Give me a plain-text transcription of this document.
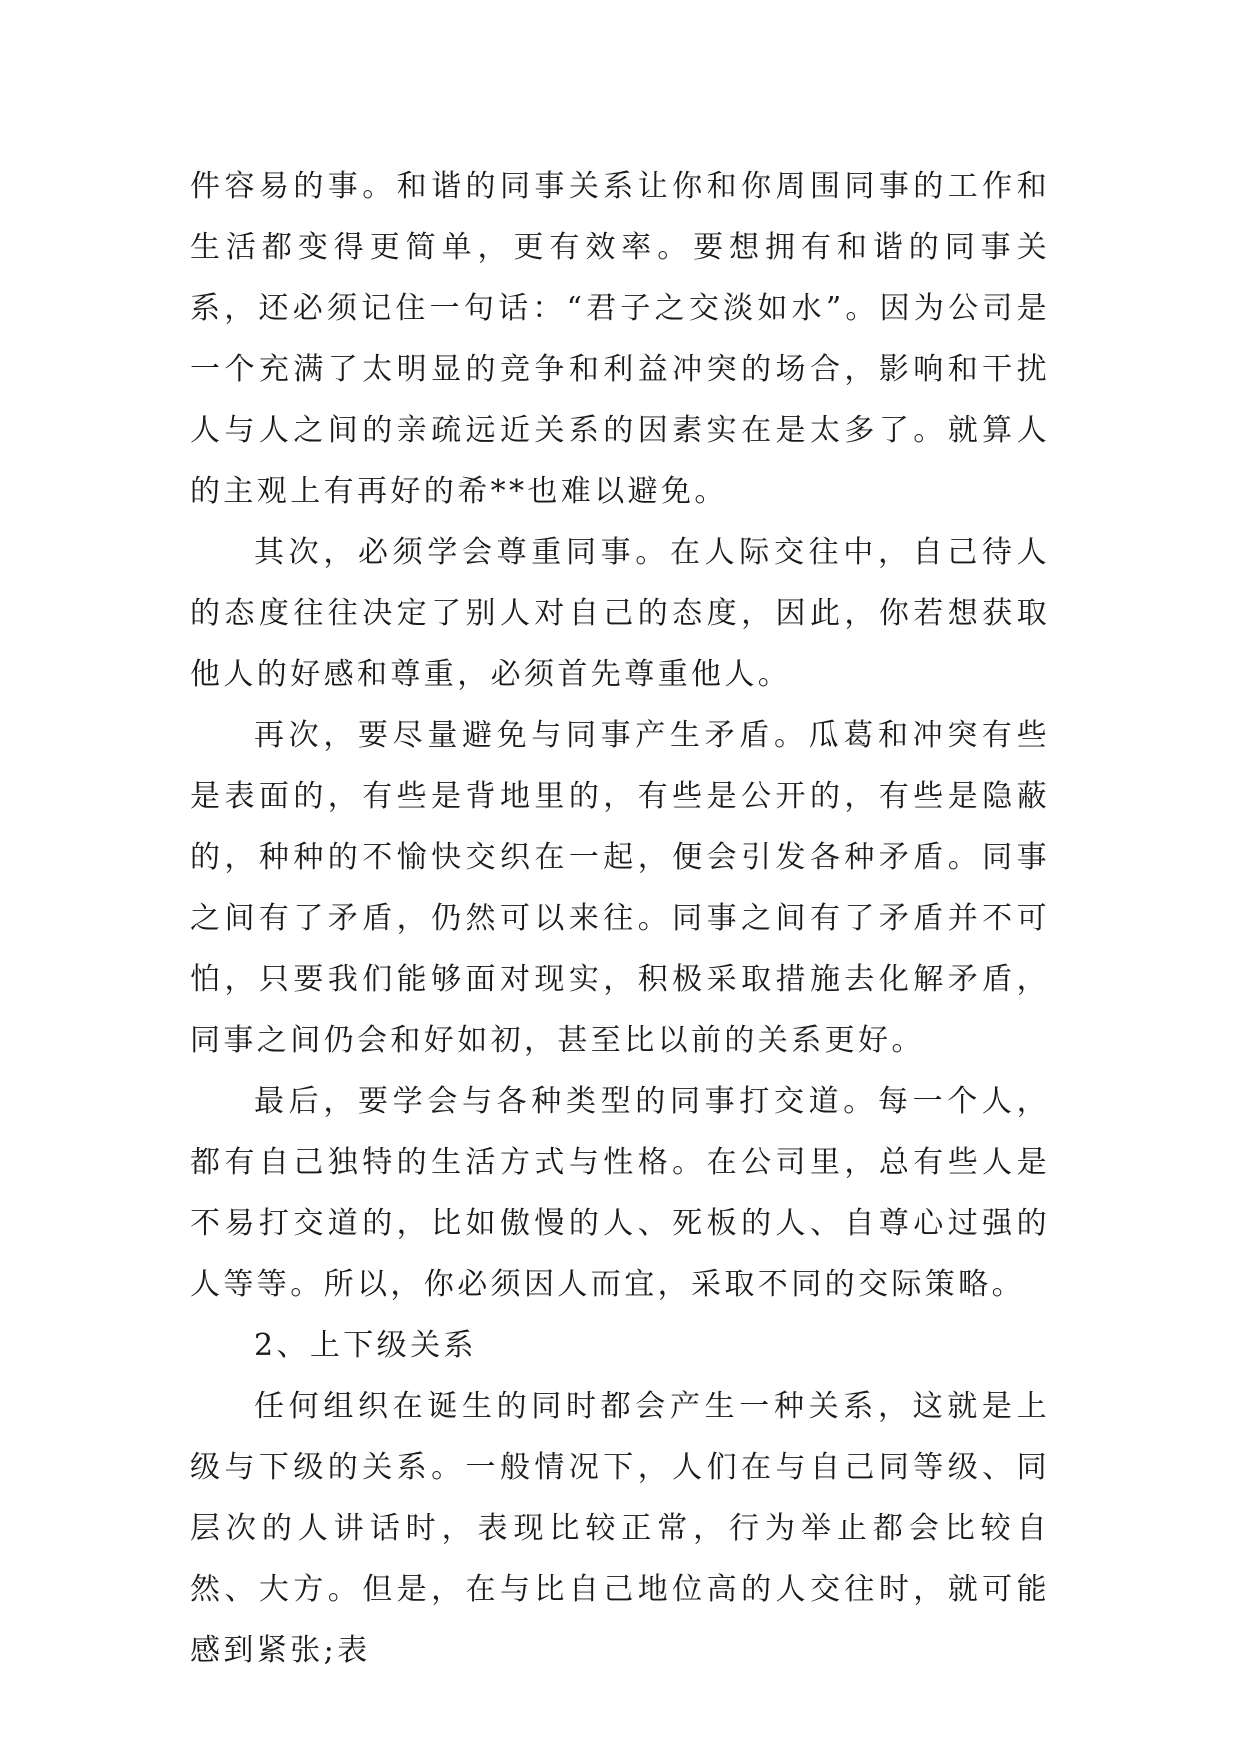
件容易的事。和谐的同事关系让你和你周围同事的工作和生活都变得更简单，更有效率。要想拥有和谐的同事关系，还必须记住一句话：“君子之交淡如水”。因为公司是一个充满了太明显的竞争和利益冲突的场合，影响和干扰人与人之间的亲疏远近关系的因素实在是太多了。就算人的主观上有再好的希**也难以避免。

其次，必须学会尊重同事。在人际交往中，自己待人的态度往往决定了别人对自己的态度，因此，你若想获取他人的好感和尊重，必须首先尊重他人。

再次，要尽量避免与同事产生矛盾。瓜葛和冲突有些是表面的，有些是背地里的，有些是公开的，有些是隐蔽的，种种的不愉快交织在一起，便会引发各种矛盾。同事之间有了矛盾，仍然可以来往。同事之间有了矛盾并不可怕，只要我们能够面对现实，积极采取措施去化解矛盾，同事之间仍会和好如初，甚至比以前的关系更好。

最后，要学会与各种类型的同事打交道。每一个人，都有自己独特的生活方式与性格。在公司里，总有些人是不易打交道的，比如傲慢的人、死板的人、自尊心过强的人等等。所以，你必须因人而宜，采取不同的交际策略。

2、上下级关系

任何组织在诞生的同时都会产生一种关系，这就是上级与下级的关系。一般情况下，人们在与自己同等级、同层次的人讲话时，表现比较正常，行为举止都会比较自然、大方。但是，在与比自己地位高的人交往时，就可能感到紧张;表
